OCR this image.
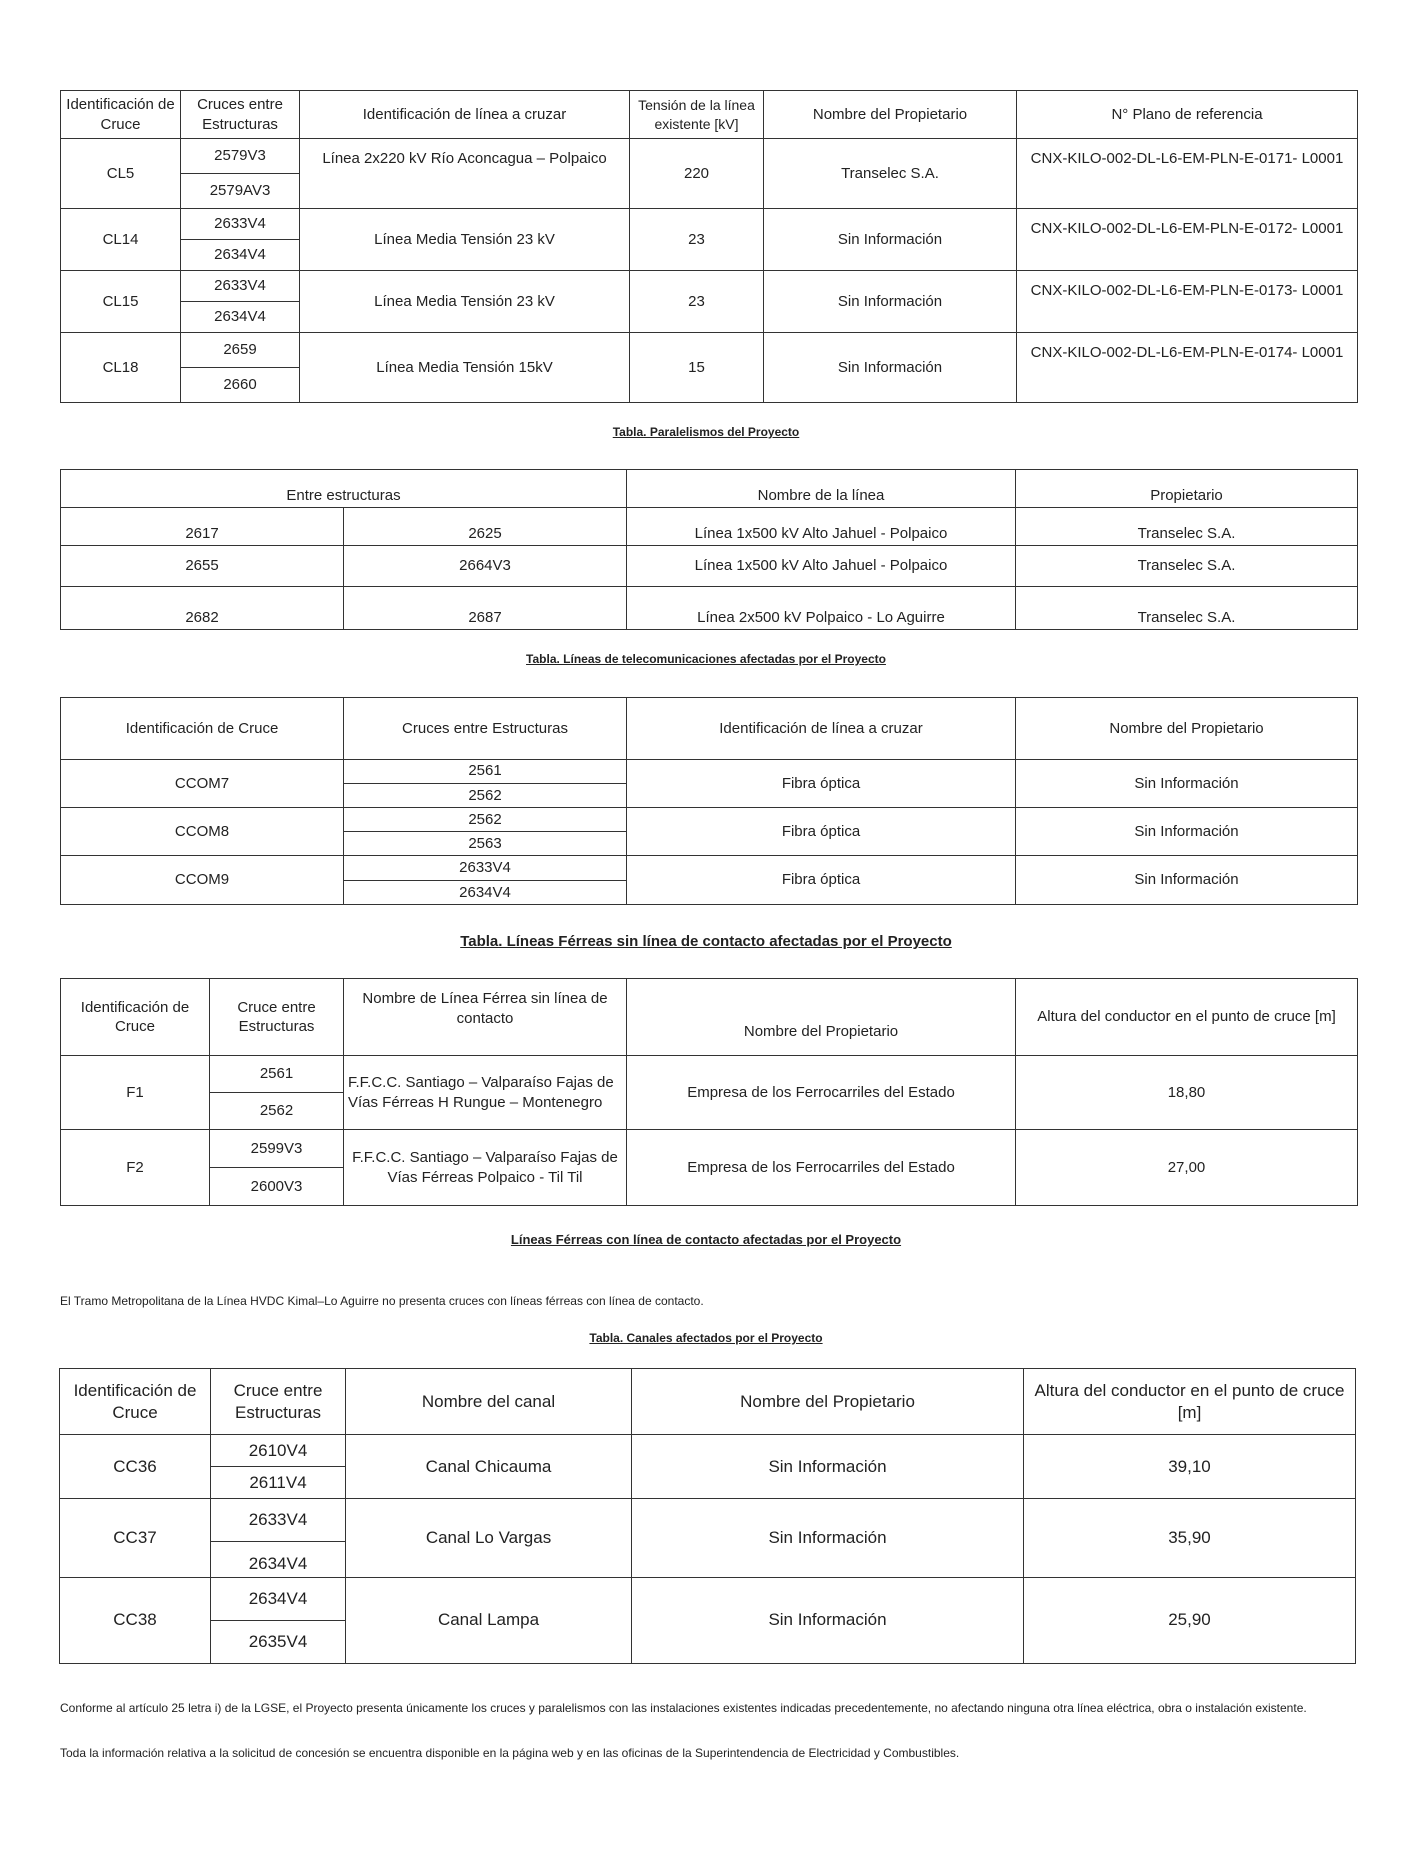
Identificación de Cruce	Cruces entre Estructuras	Identificación de línea a cruzar	Tensión de la línea existente [kV]	Nombre del Propietario	N° Plano de referencia
CL5	2579V3	Línea 2x220 kV Río Aconcagua – Polpaico	220	Transelec S.A.	CNX-KILO-002-DL-L6-EM-PLN-E-0171- L0001
	2579AV3				
CL14	2633V4	Línea Media Tensión 23 kV	23	Sin Información	CNX-KILO-002-DL-L6-EM-PLN-E-0172- L0001
	2634V4				
CL15	2633V4	Línea Media Tensión 23 kV	23	Sin Información	CNX-KILO-002-DL-L6-EM-PLN-E-0173- L0001
	2634V4				
CL18	2659	Línea Media Tensión 15kV	15	Sin Información	CNX-KILO-002-DL-L6-EM-PLN-E-0174- L0001
	2660				
Tabla. Paralelismos del Proyecto
Entre estructuras		Nombre de la línea	Propietario
2617	2625	Línea 1x500 kV Alto Jahuel - Polpaico	Transelec S.A.
2655	2664V3	Línea 1x500 kV Alto Jahuel - Polpaico	Transelec S.A.
2682	2687	Línea 2x500 kV Polpaico - Lo Aguirre	Transelec S.A.
Tabla. Líneas de telecomunicaciones afectadas por el Proyecto
Identificación de Cruce	Cruces entre Estructuras	Identificación de línea a cruzar	Nombre del Propietario
CCOM7	2561	Fibra óptica	Sin Información
	2562		
CCOM8	2562	Fibra óptica	Sin Información
	2563		
CCOM9	2633V4	Fibra óptica	Sin Información
	2634V4		
Tabla. Líneas Férreas sin línea de contacto afectadas por el Proyecto
Identificación de Cruce	Cruce entre Estructuras	Nombre de Línea Férrea sin línea de contacto	Nombre del Propietario	Altura del conductor en el punto de cruce [m]
F1	2561	F.F.C.C. Santiago – Valparaíso Fajas de Vías Férreas H Rungue – Montenegro	Empresa de los Ferrocarriles del Estado	18,80
	2562			
F2	2599V3	F.F.C.C. Santiago – Valparaíso Fajas de Vías Férreas Polpaico - Til Til	Empresa de los Ferrocarriles del Estado	27,00
	2600V3			
Líneas Férreas con línea de contacto afectadas por el Proyecto
El Tramo Metropolitana de la Línea HVDC Kimal–Lo Aguirre no presenta cruces con líneas férreas con línea de contacto.
Tabla. Canales afectados por el Proyecto
Identificación de Cruce	Cruce entre Estructuras	Nombre del canal	Nombre del Propietario	Altura del conductor en el punto de cruce [m]
CC36	2610V4	Canal Chicauma	Sin Información	39,10
	2611V4			
CC37	2633V4	Canal Lo Vargas	Sin Información	35,90
	2634V4			
CC38	2634V4	Canal Lampa	Sin Información	25,90
	2635V4			
Conforme al artículo 25 letra i) de la LGSE, el Proyecto presenta únicamente los cruces y paralelismos con las instalaciones existentes indicadas precedentemente, no afectando ninguna otra línea eléctrica, obra o instalación existente.
Toda la información relativa a la solicitud de concesión se encuentra disponible en la página web y en las oficinas de la Superintendencia de Electricidad y Combustibles.
